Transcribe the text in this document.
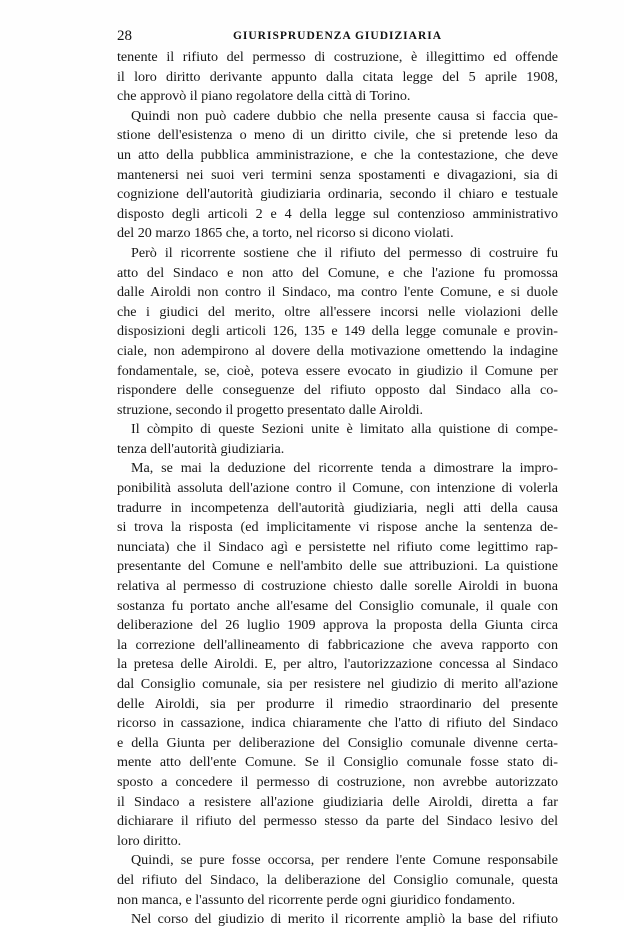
28	GIURISPRUDENZA GIUDIZIARIA
tenente il rifiuto del permesso di costruzione, è illegittimo ed offende
il loro diritto derivante appunto dalla citata legge del 5 aprile 1908,
che approvò il piano regolatore della città di Torino.
Quindi non può cadere dubbio che nella presente causa si faccia que-
stione dell'esistenza o meno di un diritto civile, che si pretende leso da
un atto della pubblica amministrazione, e che la contestazione, che deve
mantenersi nei suoi veri termini senza spostamenti e divagazioni, sia di
cognizione dell'autorità giudiziaria ordinaria, secondo il chiaro e testuale
disposto degli articoli 2 e 4 della legge sul contenzioso amministrativo
del 20 marzo 1865 che, a torto, nel ricorso si dicono violati.
Però il ricorrente sostiene che il rifiuto del permesso di costruire fu
atto del Sindaco e non atto del Comune, e che l'azione fu promossa
dalle Airoldi non contro il Sindaco, ma contro l'ente Comune, e si duole
che i giudici del merito, oltre all'essere incorsi nelle violazioni delle
disposizioni degli articoli 126, 135 e 149 della legge comunale e provin-
ciale, non adempirono al dovere della motivazione omettendo la indagine
fondamentale, se, cioè, poteva essere evocato in giudizio il Comune per
rispondere delle conseguenze del rifiuto opposto dal Sindaco alla co-
struzione, secondo il progetto presentato dalle Airoldi.
Il còmpito di queste Sezioni unite è limitato alla quistione di compe-
tenza dell'autorità giudiziaria.
Ma, se mai la deduzione del ricorrente tenda a dimostrare la impro-
ponibilità assoluta dell'azione contro il Comune, con intenzione di volerla
tradurre in incompetenza dell'autorità giudiziaria, negli atti della causa
si trova la risposta (ed implicitamente vi rispose anche la sentenza de-
nunciata) che il Sindaco agì e persistette nel rifiuto come legittimo rap-
presentante del Comune e nell'ambito delle sue attribuzioni. La quistione
relativa al permesso di costruzione chiesto dalle sorelle Airoldi in buona
sostanza fu portato anche all'esame del Consiglio comunale, il quale con
deliberazione del 26 luglio 1909 approva la proposta della Giunta circa
la correzione dell'allineamento di fabbricazione che aveva rapporto con
la pretesa delle Airoldi. E, per altro, l'autorizzazione concessa al Sindaco
dal Consiglio comunale, sia per resistere nel giudizio di merito all'azione
delle Airoldi, sia per produrre il rimedio straordinario del presente
ricorso in cassazione, indica chiaramente che l'atto di rifiuto del Sindaco
e della Giunta per deliberazione del Consiglio comunale divenne certa-
mente atto dell'ente Comune. Se il Consiglio comunale fosse stato di-
sposto a concedere il permesso di costruzione, non avrebbe autorizzato
il Sindaco a resistere all'azione giudiziaria delle Airoldi, diretta a far
dichiarare il rifiuto del permesso stesso da parte del Sindaco lesivo del
loro diritto.
Quindi, se pure fosse occorsa, per rendere l'ente Comune responsabile
del rifiuto del Sindaco, la deliberazione del Consiglio comunale, questa
non manca, e l'assunto del ricorrente perde ogni giuridico fondamento.
Nel corso del giudizio di merito il ricorrente ampliò la base del rifiuto
